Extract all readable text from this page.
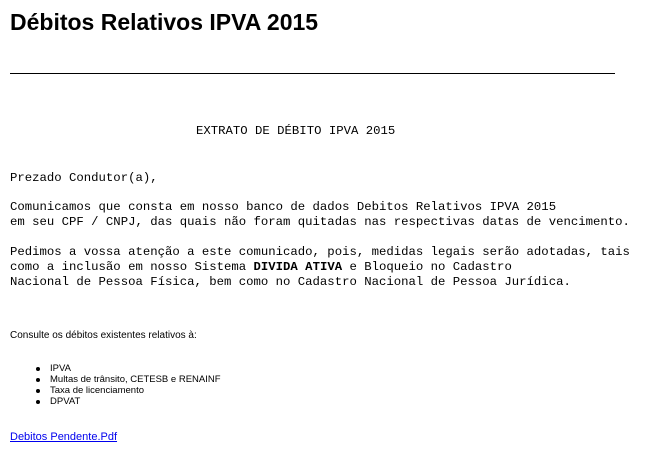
Débitos Relativos IPVA 2015
EXTRATO DE DÉBITO IPVA 2015
Prezado Condutor(a),
Comunicamos que consta em nosso banco de dados Debitos Relativos IPVA 2015
em seu CPF / CNPJ, das quais não foram quitadas nas respectivas datas de vencimento.
Pedimos a vossa atenção a este comunicado, pois, medidas legais serão adotadas, tais
como a inclusão em nosso Sistema DIVIDA ATIVA e Bloqueio no Cadastro
Nacional de Pessoa Física, bem como no Cadastro Nacional de Pessoa Jurídica.
Consulte os débitos existentes relativos à:
IPVA
Multas de trânsito, CETESB e RENAINF
Taxa de licenciamento
DPVAT
Debitos Pendente.Pdf
